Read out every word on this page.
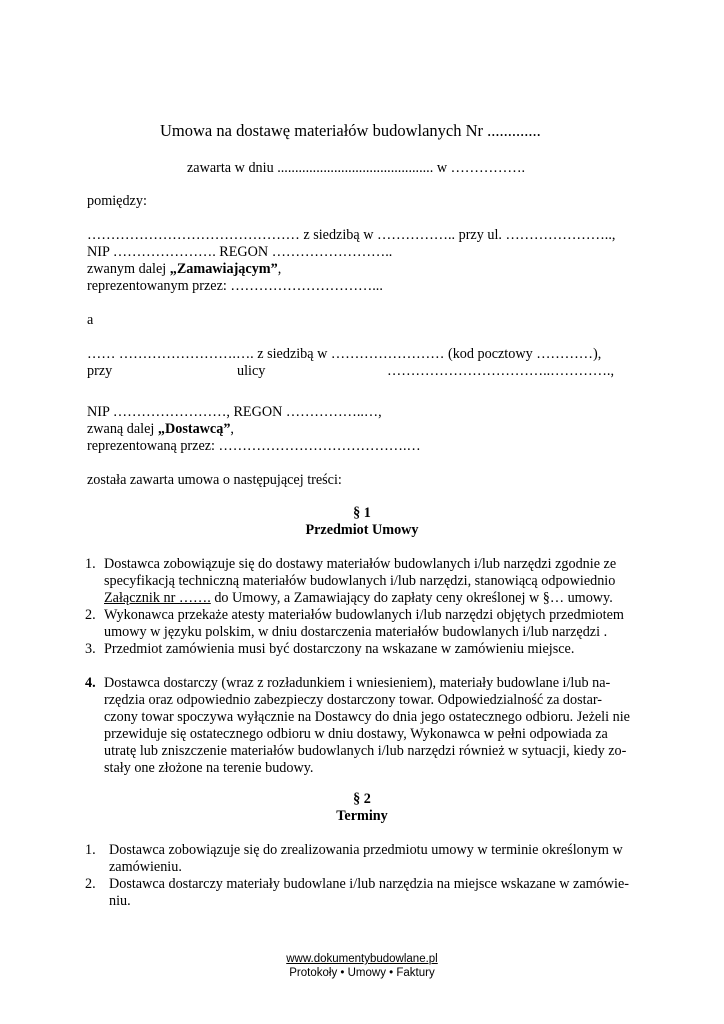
Umowa na dostawę materiałów budowlanych Nr .............
zawarta w dniu ............................................ w …………….
pomiędzy:
……………………………………… z siedzibą w …………….. przy ul. …………………..,
NIP …………………. REGON ……………………..
zwanym dalej „Zamawiającym”,
reprezentowanym przez: …………………………...
a
…… …………………….…. z siedzibą w …………………… (kod pocztowy …………),
przy	ulicy	……………………………..………….,
NIP ……………………, REGON ……………..…,
zwaną dalej „Dostawcą”,
reprezentowaną przez: ………………………………….…
została zawarta umowa o następującej treści:
§ 1
Przedmiot Umowy
1. Dostawca zobowiązuje się do dostawy materiałów budowlanych i/lub narzędzi zgodnie ze
specyfikacją techniczną materiałów budowlanych i/lub narzędzi, stanowiącą odpowiednio
Załącznik nr ……. do Umowy, a Zamawiający do zapłaty ceny określonej w §… umowy.
2. Wykonawca przekaże atesty materiałów budowlanych i/lub narzędzi objętych przedmiotem
umowy w języku polskim, w dniu dostarczenia materiałów budowlanych i/lub narzędzi .
3. Przedmiot zamówienia musi być dostarczony na wskazane w zamówieniu miejsce.
4. Dostawca dostarczy (wraz z rozładunkiem i wniesieniem), materiały budowlane i/lub na-
rzędzia oraz odpowiednio zabezpieczy dostarczony towar. Odpowiedzialność za dostar-
czony towar spoczywa wyłącznie na Dostawcy do dnia jego ostatecznego odbioru. Jeżeli nie
przewiduje się ostatecznego odbioru w dniu dostawy, Wykonawca w pełni odpowiada za
utratę lub zniszczenie materiałów budowlanych i/lub narzędzi również w sytuacji, kiedy zo-
stały one złożone na terenie budowy.
§ 2
Terminy
1. Dostawca zobowiązuje się do zrealizowania przedmiotu umowy w terminie określonym w
zamówieniu.
2. Dostawca dostarczy materiały budowlane i/lub narzędzia na miejsce wskazane w zamówie-
niu.
www.dokumentybudowlane.pl
Protokoły • Umowy • Faktury
